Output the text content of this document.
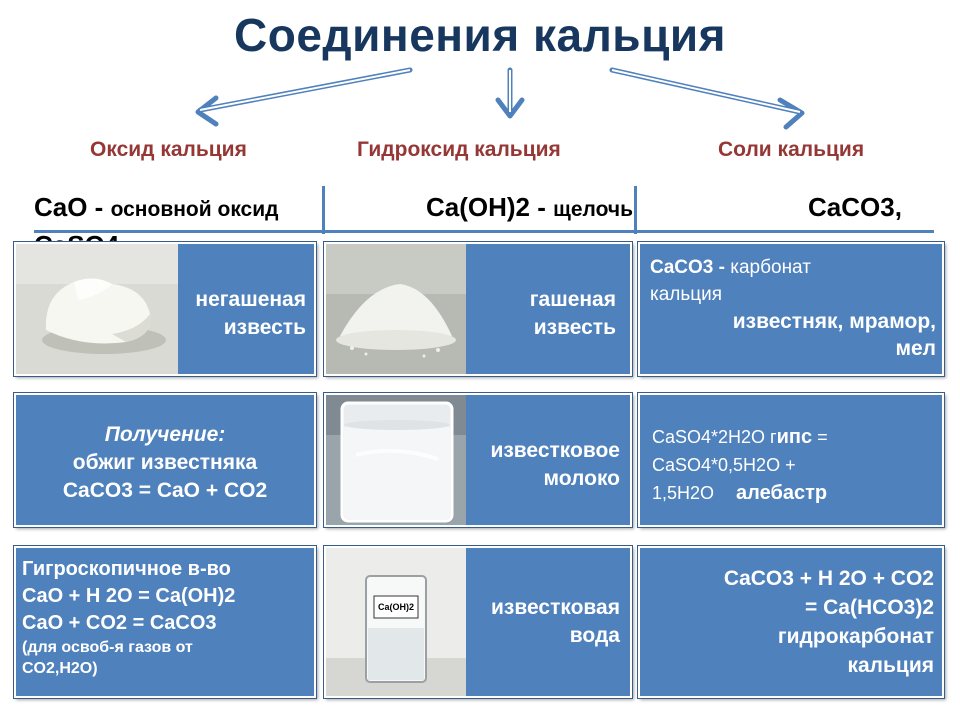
Соединения кальция
Оксид кальция	Гидроксид кальция	Соли кальция
CaO - основной оксид	Ca(OH)2 - щелочь	CaCO3,
негашеная
известь
гашеная
известь
CaCO3 - карбонат
кальция
известняк, мрамор,
мел
Получение:
обжиг известняка
CaCO3 = CaO + CO2
известковое
молоко
CaSO4*2H2O гипс =
CaSO4*0,5H2O +
1,5H2O алебастр
Гигроскопичное в-во
CaO + H 2O = Ca(OH)2
CaO + CO2 = CaCO3
(для освоб-я газов от
CO2,H2O)
Ca(OH)2	известковая
вода
CaCO3 + H 2O + CO2
= Ca(HCO3)2
гидрокарбонат
кальция
